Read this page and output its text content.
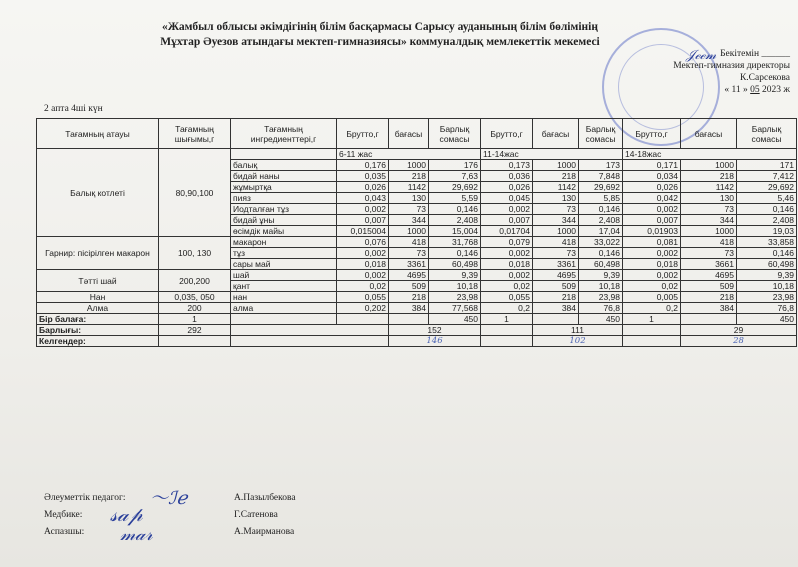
«Жамбыл облысы әкімдігінің білім басқармасы Сарысу ауданының білім бөлімінің
Мұхтар Әуезов атындағы мектеп-гимназиясы» коммуналдық мемлекеттік мекемесі
Бекітемін ______
Мектеп-гимназия директоры
К.Сарсекова
« 11 » 05 2023 ж
2 апта 4ші күн
Тағамның атауы	Тағамның шығымы,г	Тағамның ингредиенттері,г	Брутто,г	бағасы	Барлық сомасы	Брутто,г	бағасы	Барлық сомасы	Брутто,г	бағасы	Барлық сомасы
Балық котлеті	80,90,100		6-11 жас			11-14жас			14-18жас		
		балық	0,176	1000	176	0,173	1000	173	0,171	1000	171
		бидай наны	0,035	218	7,63	0,036	218	7,848	0,034	218	7,412
		жұмыртқа	0,026	1142	29,692	0,026	1142	29,692	0,026	1142	29,692
		пияз	0,043	130	5,59	0,045	130	5,85	0,042	130	5,46
		Иодталған тұз	0,002	73	0,146	0,002	73	0,146	0,002	73	0,146
		бидай ұны	0,007	344	2,408	0,007	344	2,408	0,007	344	2,408
		өсімдік майы	0,015004	1000	15,004	0,01704	1000	17,04	0,01903	1000	19,03
Гарнир: пісірілген макарон	100, 130	макарон	0,076	418	31,768	0,079	418	33,022	0,081	418	33,858
		тұз	0,002	73	0,146	0,002	73	0,146	0,002	73	0,146
		сары май	0,018	3361	60,498	0,018	3361	60,498	0,018	3661	60,498
Тәтті шай	200,200	шай	0,002	4695	9,39	0,002	4695	9,39	0,002	4695	9,39
		қант	0,02	509	10,18	0,02	509	10,18	0,02	509	10,18
Нан	0,035, 050	нан	0,055	218	23,98	0,055	218	23,98	0,005	218	23,98
Алма	200	алма	0,202	384	77,568	0,2	384	76,8	0,2	384	76,8
Бір балаға:	1				450	1		450	1		450
Барлығы:	292			152			111			29	
Келгендер:				146			102			28	
Әлеуметтік педагог:	А.Пазылбекова
Медбике:	Г.Сатенова
Аспазшы:	А.Маирманова
〜ℐℯ
𝓈𝒶𝓅
𝓂𝒶𝓇
𝒥ℯℯ𝓂
